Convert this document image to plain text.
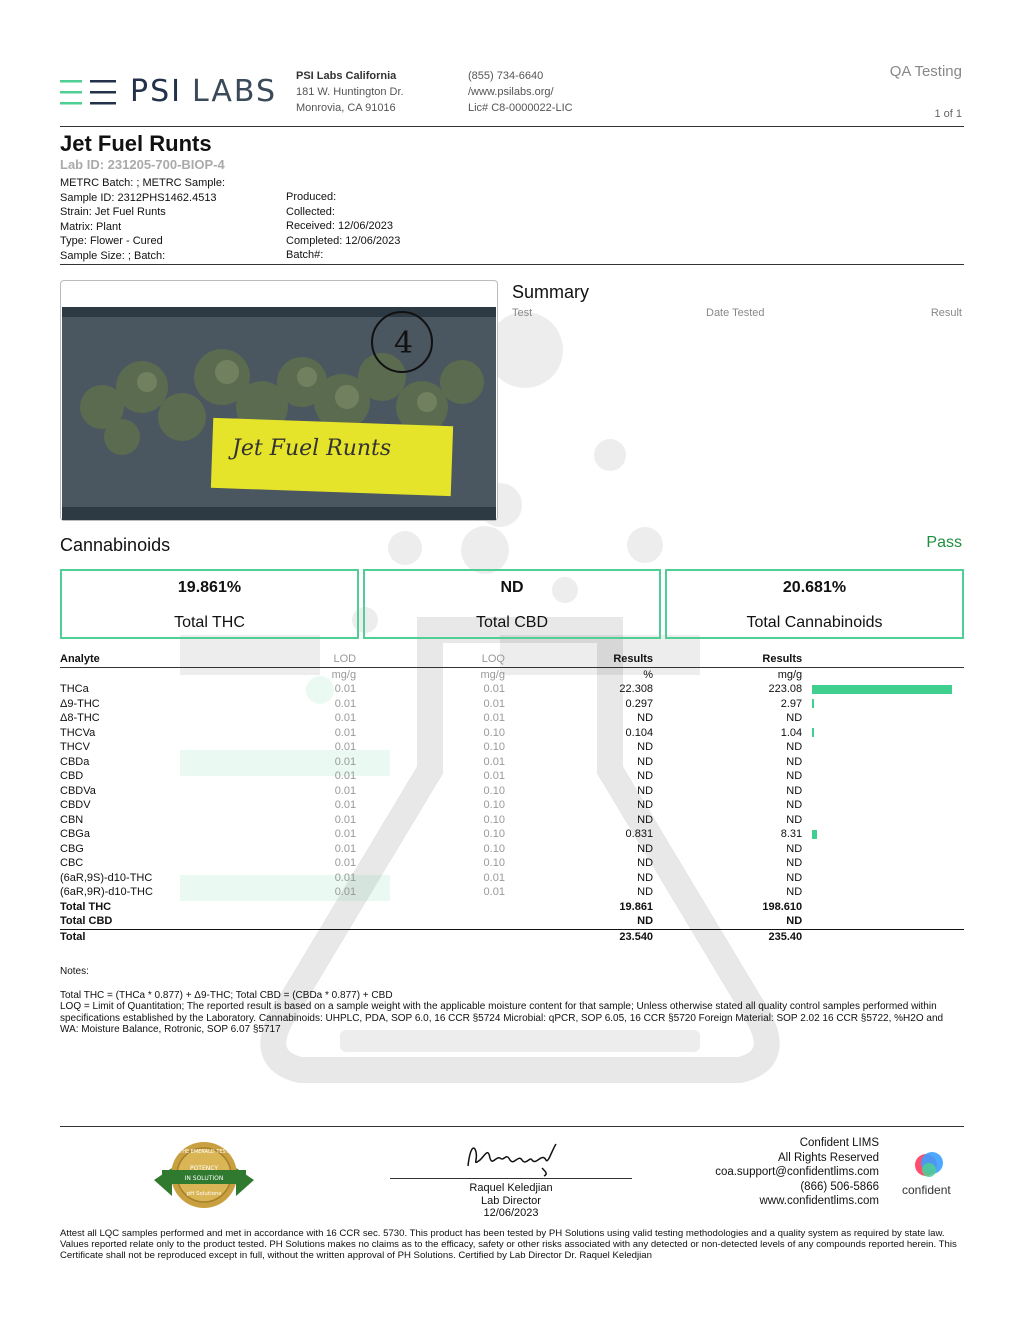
PSI LABS PSI Labs California
181 W. Huntington Dr.
Monrovia, CA 91016
(855) 734-6640
/www.psilabs.org/
Lic# C8-0000022-LIC
QA Testing
1 of 1
Jet Fuel Runts
Lab ID: 231205-700-BIOP-4
METRC Batch: ; METRC Sample:
Sample ID: 2312PHS1462.4513
Strain: Jet Fuel Runts
Matrix: Plant
Type: Flower - Cured
Sample Size: ; Batch:
Produced:
Collected:
Received: 12/06/2023
Completed: 12/06/2023
Batch#:
Jet Fuel Runts
4
Summary
Test	Date Tested	Result
Cannabinoids	Pass
19.861%
Total THC
ND
Total CBD
20.681%
Total Cannabinoids
Analyte	LOD	LOQ	Results	Results	
	mg/g	mg/g	%	mg/g	
THCa	0.01	0.01	22.308	223.08	
Δ9-THC	0.01	0.01	0.297	2.97	
Δ8-THC	0.01	0.01	ND	ND	
THCVa	0.01	0.10	0.104	1.04	
THCV	0.01	0.10	ND	ND	
CBDa	0.01	0.01	ND	ND	
CBD	0.01	0.01	ND	ND	
CBDVa	0.01	0.10	ND	ND	
CBDV	0.01	0.10	ND	ND	
CBN	0.01	0.10	ND	ND	
CBGa	0.01	0.10	0.831	8.31	
CBG	0.01	0.10	ND	ND	
CBC	0.01	0.10	ND	ND	
(6aR,9S)-d10-THC	0.01	0.01	ND	ND	
(6aR,9R)-d10-THC	0.01	0.01	ND	ND	
Total THC			19.861	198.610	
Total CBD			ND	ND	
Total			23.540	235.40	
Notes:
Total THC = (THCa * 0.877) + Δ9-THC; Total CBD = (CBDa * 0.877) + CBD
LOQ = Limit of Quantitation; The reported result is based on a sample weight with the applicable moisture content for that sample; Unless otherwise stated all quality control samples performed within specifications established by the Laboratory. Cannabinoids: UHPLC, PDA, SOP 6.0, 16 CCR §5724 Microbial: qPCR, SOP 6.05, 16 CCR §5720 Foreign Material: SOP 2.02 16 CCR §5722, %H2O and WA: Moisture Balance, Rotronic, SOP 6.07 §5717
THE EMERALD TEST
POTENCY
IN SOLUTION
pH Solutions	Raquel Keledjian
Lab Director
12/06/2023
Confident LIMS
All Rights Reserved
coa.support@confidentlims.com
(866) 506-5866
www.confidentlims.com
confident
Attest all LQC samples performed and met in accordance with 16 CCR sec. 5730. This product has been tested by PH Solutions using valid testing methodologies and a quality system as required by state law. Values reported relate only to the product tested. PH Solutions makes no claims as to the efficacy, safety or other risks associated with any detected or non-detected levels of any compounds reported herein. This Certificate shall not be reproduced except in full, without the written approval of PH Solutions. Certified by Lab Director Dr. Raquel Keledjian
